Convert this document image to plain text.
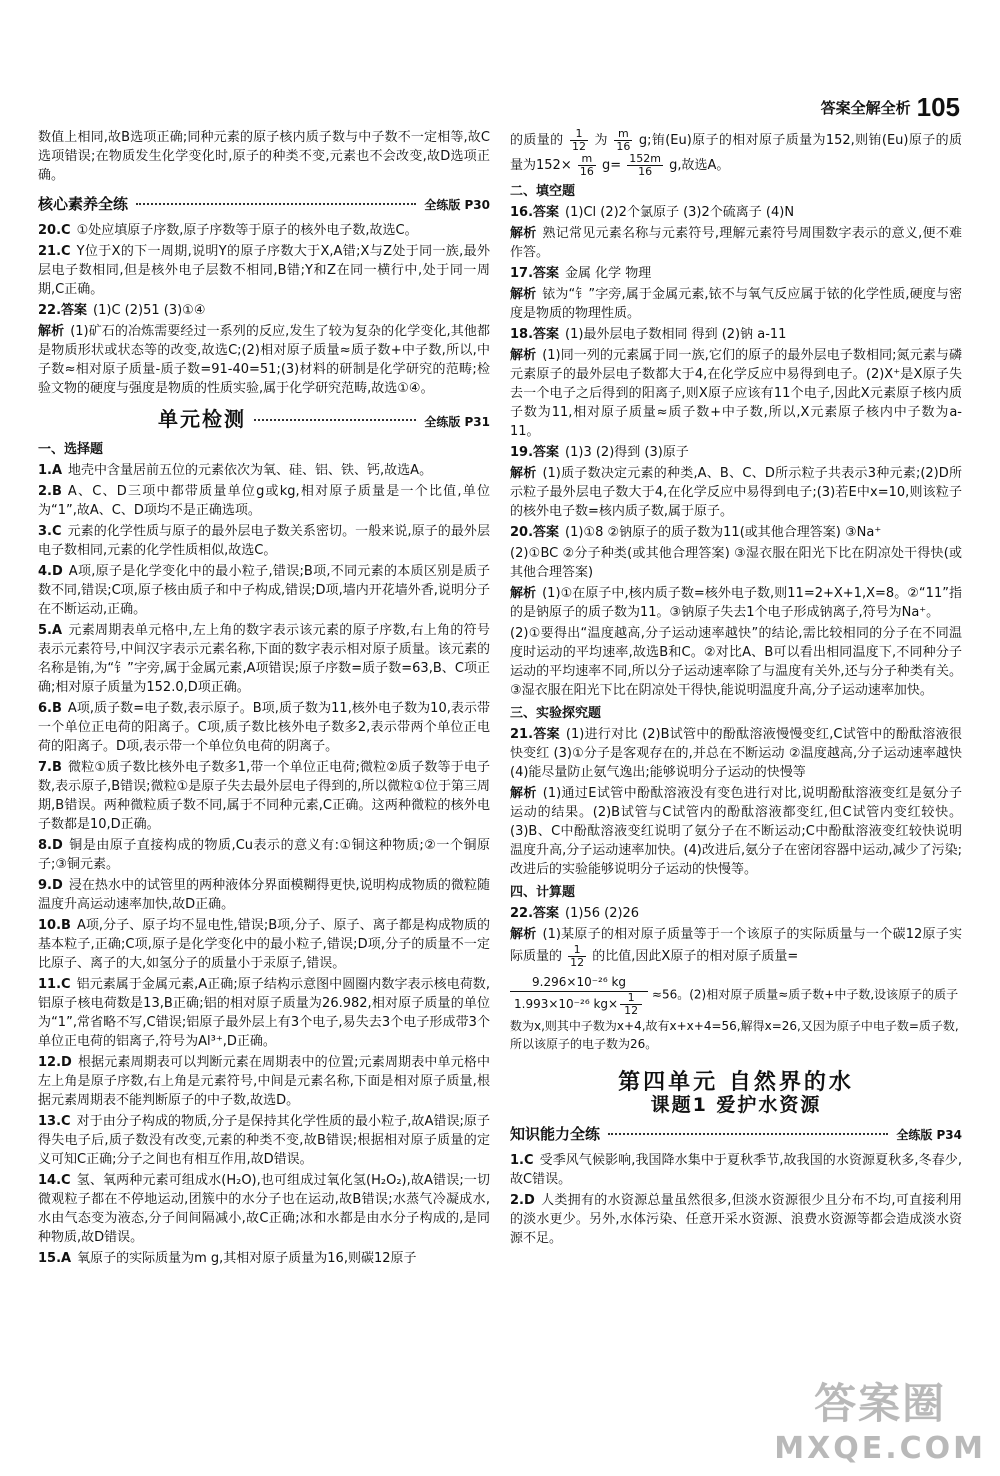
答案全解全析 105

数值上相同,故B选项正确;同种元素的原子核内质子数与中子数不一定相等,故C选项错误;在物质发生化学变化时,原子的种类不变,元素也不会改变,故D选项正确。

核心素养全练	全练版 P30

20.C ①处应填原子序数,原子序数等于原子的核外电子数,故选C。

21.C Y位于X的下一周期,说明Y的原子序数大于X,A错;X与Z处于同一族,最外层电子数相同,但是核外电子层数不相同,B错;Y和Z在同一横行中,处于同一周期,C正确。

22.答案 (1)C (2)51 (3)①④

解析 (1)矿石的冶炼需要经过一系列的反应,发生了较为复杂的化学变化,其他都是物质形状或状态等的改变,故选C;(2)相对原子质量≈质子数+中子数,所以,中子数≈相对原子质量-质子数=91-40=51;(3)材料的研制是化学研究的范畴;检验文物的硬度与强度是物质的性质实验,属于化学研究范畴,故选①④。

单元检测	全练版 P31
一、选择题

1.A 地壳中含量居前五位的元素依次为氧、硅、铝、铁、钙,故选A。

2.B A、C、D三项中都带质量单位g或kg,相对原子质量是一个比值,单位为“1”,故A、C、D项均不是正确选项。

3.C 元素的化学性质与原子的最外层电子数关系密切。一般来说,原子的最外层电子数相同,元素的化学性质相似,故选C。

4.D A项,原子是化学变化中的最小粒子,错误;B项,不同元素的本质区别是质子数不同,错误;C项,原子核由质子和中子构成,错误;D项,墙内开花墙外香,说明分子在不断运动,正确。

5.A 元素周期表单元格中,左上角的数字表示该元素的原子序数,右上角的符号表示元素符号,中间汉字表示元素名称,下面的数字表示相对原子质量。该元素的名称是铕,为“钅”字旁,属于金属元素,A项错误;原子序数=质子数=63,B、C项正确;相对原子质量为152.0,D项正确。

6.B A项,质子数=电子数,表示原子。B项,质子数为11,核外电子数为10,表示带一个单位正电荷的阳离子。C项,质子数比核外电子数多2,表示带两个单位正电荷的阳离子。D项,表示带一个单位负电荷的阴离子。

7.B 微粒①质子数比核外电子数多1,带一个单位正电荷;微粒②质子数等于电子数,表示原子,B错误;微粒①是原子失去最外层电子得到的,所以微粒①位于第三周期,B错误。两种微粒质子数不同,属于不同种元素,C正确。这两种微粒的核外电子数都是10,D正确。

8.D 铜是由原子直接构成的物质,Cu表示的意义有:①铜这种物质;②一个铜原子;③铜元素。

9.D 浸在热水中的试管里的两种液体分界面模糊得更快,说明构成物质的微粒随温度升高运动速率加快,故D正确。

10.B A项,分子、原子均不显电性,错误;B项,分子、原子、离子都是构成物质的基本粒子,正确;C项,原子是化学变化中的最小粒子,错误;D项,分子的质量不一定比原子、离子的大,如氢分子的质量小于汞原子,错误。

11.C 铝元素属于金属元素,A正确;原子结构示意图中圆圈内数字表示核电荷数,铝原子核电荷数是13,B正确;铝的相对原子质量为26.982,相对原子质量的单位为“1”,常省略不写,C错误;铝原子最外层上有3个电子,易失去3个电子形成带3个单位正电荷的铝离子,符号为Al³⁺,D正确。

12.D 根据元素周期表可以判断元素在周期表中的位置;元素周期表中单元格中左上角是原子序数,右上角是元素符号,中间是元素名称,下面是相对原子质量,根据元素周期表不能判断原子的中子数,故选D。

13.C 对于由分子构成的物质,分子是保持其化学性质的最小粒子,故A错误;原子得失电子后,质子数没有改变,元素的种类不变,故B错误;根据相对原子质量的定义可知C正确;分子之间也有相互作用,故D错误。

14.C 氢、氧两种元素可组成水(H₂O),也可组成过氧化氢(H₂O₂),故A错误;一切微观粒子都在不停地运动,团簇中的水分子也在运动,故B错误;水蒸气冷凝成水,水由气态变为液态,分子间间隔减小,故C正确;冰和水都是由水分子构成的,是同种物质,故D错误。

15.A 氧原子的实际质量为m g,其相对原子质量为16,则碳12原子

的质量的 $\frac{1}{12}$ 为 $\frac{m}{16} g$;铕(Eu)原子的相对原子质量为152,则铕(Eu)原子的质量为$152\times \frac{m}{16} g= \frac{152m}{16} g$,故选A。

二、填空题

16.答案 (1)Cl (2)2个氯原子 (3)2个硫离子 (4)N

解析 熟记常见元素名称与元素符号,理解元素符号周围数字表示的意义,便不难作答。

17.答案 金属 化学 物理

解析 铱为“钅”字旁,属于金属元素,铱不与氧气反应属于铱的化学性质,硬度与密度是物质的物理性质。

18.答案 (1)最外层电子数相同 得到 (2)钠 a-11

解析 (1)同一列的元素属于同一族,它们的原子的最外层电子数相同;氮元素与磷元素原子的最外层电子数都大于4,在化学反应中易得到电子。(2)X⁺是X原子失去一个电子之后得到的阳离子,则X原子应该有11个电子,因此X元素原子核内质子数为11,相对原子质量≈质子数+中子数,所以,X元素原子核内中子数为a-11。

19.答案 (1)3 (2)得到 (3)原子

解析 (1)质子数决定元素的种类,A、B、C、D所示粒子共表示3种元素;(2)D所示粒子最外层电子数大于4,在化学反应中易得到电子;(3)若E中x=10,则该粒子的核外电子数=核内质子数,属于原子。

20.答案 (1)①8 ②钠原子的质子数为11(或其他合理答案) ③Na⁺

(2)①BC ②分子种类(或其他合理答案) ③湿衣服在阳光下比在阴凉处干得快(或其他合理答案)

解析 (1)①在原子中,核内质子数=核外电子数,则11=2+X+1,X=8。②“11”指的是钠原子的质子数为11。③钠原子失去1个电子形成钠离子,符号为Na⁺。

(2)①要得出“温度越高,分子运动速率越快”的结论,需比较相同的分子在不同温度时运动的平均速率,故选B和C。②对比A、B可以看出相同温度下,不同种分子运动的平均速率不同,所以分子运动速率除了与温度有关外,还与分子种类有关。③湿衣服在阳光下比在阴凉处干得快,能说明温度升高,分子运动速率加快。

三、实验探究题

21.答案 (1)进行对比 (2)B试管中的酚酞溶液慢慢变红,C试管中的酚酞溶液很快变红 (3)①分子是客观存在的,并总在不断运动 ②温度越高,分子运动速率越快 (4)能尽量防止氨气逸出;能够说明分子运动的快慢等

解析 (1)通过E试管中酚酞溶液没有变色进行对比,说明酚酞溶液变红是氨分子运动的结果。(2)B试管与C试管内的酚酞溶液都变红,但C试管内变红较快。(3)B、C中酚酞溶液变红说明了氨分子在不断运动;C中酚酞溶液变红较快说明温度升高,分子运动速率加快。(4)改进后,氨分子在密闭容器中运动,减少了污染;改进后的实验能够说明分子运动的快慢等。

四、计算题

22.答案 (1)56 (2)26

解析 (1)某原子的相对原子质量等于一个该原子的实际质量与一个碳12原子实际质量的 $\frac{1}{12}$ 的比值,因此X原子的相对原子质量=

$\frac{\text{9.296×10⁻²⁶ kg}}{1.993\times 10^{-26} kg\times \frac{1}{12}} \approx 56$。(2)相对原子质量≈质子数+中子数,设该原子的质子数为x,则其中子数为x+4,故有x+x+4=56,解得x=26,又因为原子中电子数=质子数,所以该原子的电子数为26。
第四单元 自然界的水
课题1 爱护水资源
知识能力全练	全练版 P34

1.C 受季风气候影响,我国降水集中于夏秋季节,故我国的水资源夏秋多,冬春少,故C错误。

2.D 人类拥有的水资源总量虽然很多,但淡水资源很少且分布不均,可直接利用的淡水更少。另外,水体污染、任意开采水资源、浪费水资源等都会造成淡水资源不足。

答案圈
MXQE.COM
